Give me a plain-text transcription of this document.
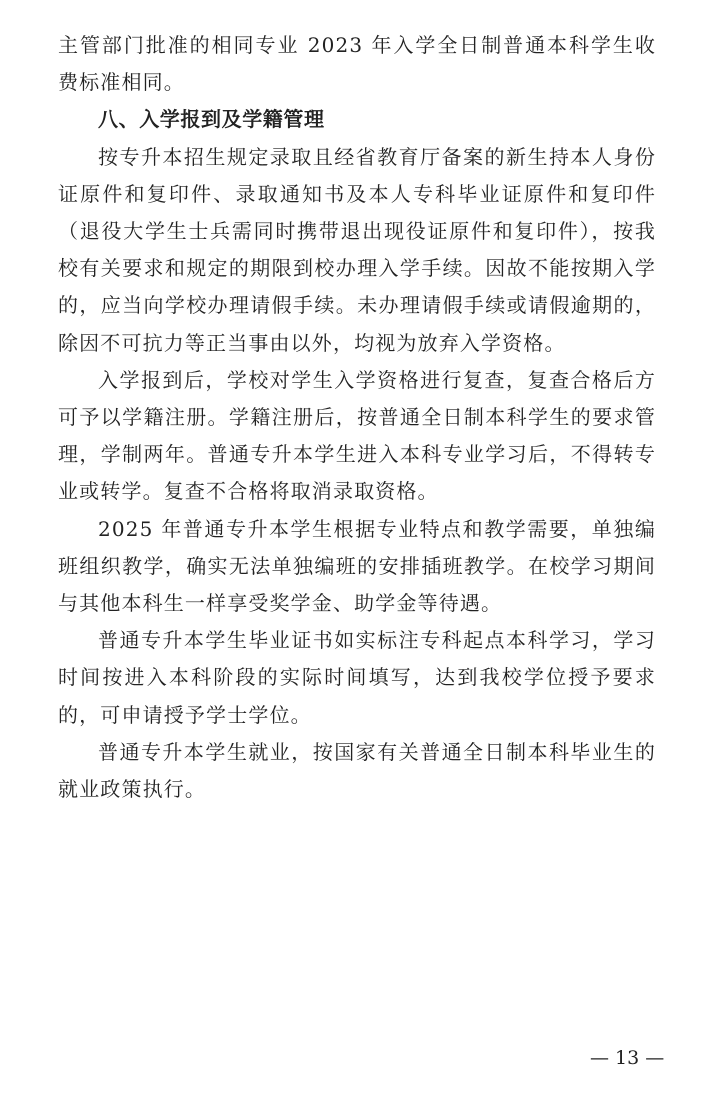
主管部门批准的相同专业 2023 年入学全日制普通本科学生收费标准相同。

八、入学报到及学籍管理

按专升本招生规定录取且经省教育厅备案的新生持本人身份证原件和复印件、录取通知书及本人专科毕业证原件和复印件（退役大学生士兵需同时携带退出现役证原件和复印件），按我校有关要求和规定的期限到校办理入学手续。因故不能按期入学的，应当向学校办理请假手续。未办理请假手续或请假逾期的，除因不可抗力等正当事由以外，均视为放弃入学资格。

入学报到后，学校对学生入学资格进行复查，复查合格后方可予以学籍注册。学籍注册后，按普通全日制本科学生的要求管理，学制两年。普通专升本学生进入本科专业学习后，不得转专业或转学。复查不合格将取消录取资格。

2025 年普通专升本学生根据专业特点和教学需要，单独编班组织教学，确实无法单独编班的安排插班教学。在校学习期间与其他本科生一样享受奖学金、助学金等待遇。

普通专升本学生毕业证书如实标注专科起点本科学习，学习时间按进入本科阶段的实际时间填写，达到我校学位授予要求的，可申请授予学士学位。

普通专升本学生就业，按国家有关普通全日制本科毕业生的就业政策执行。

— 13 —
